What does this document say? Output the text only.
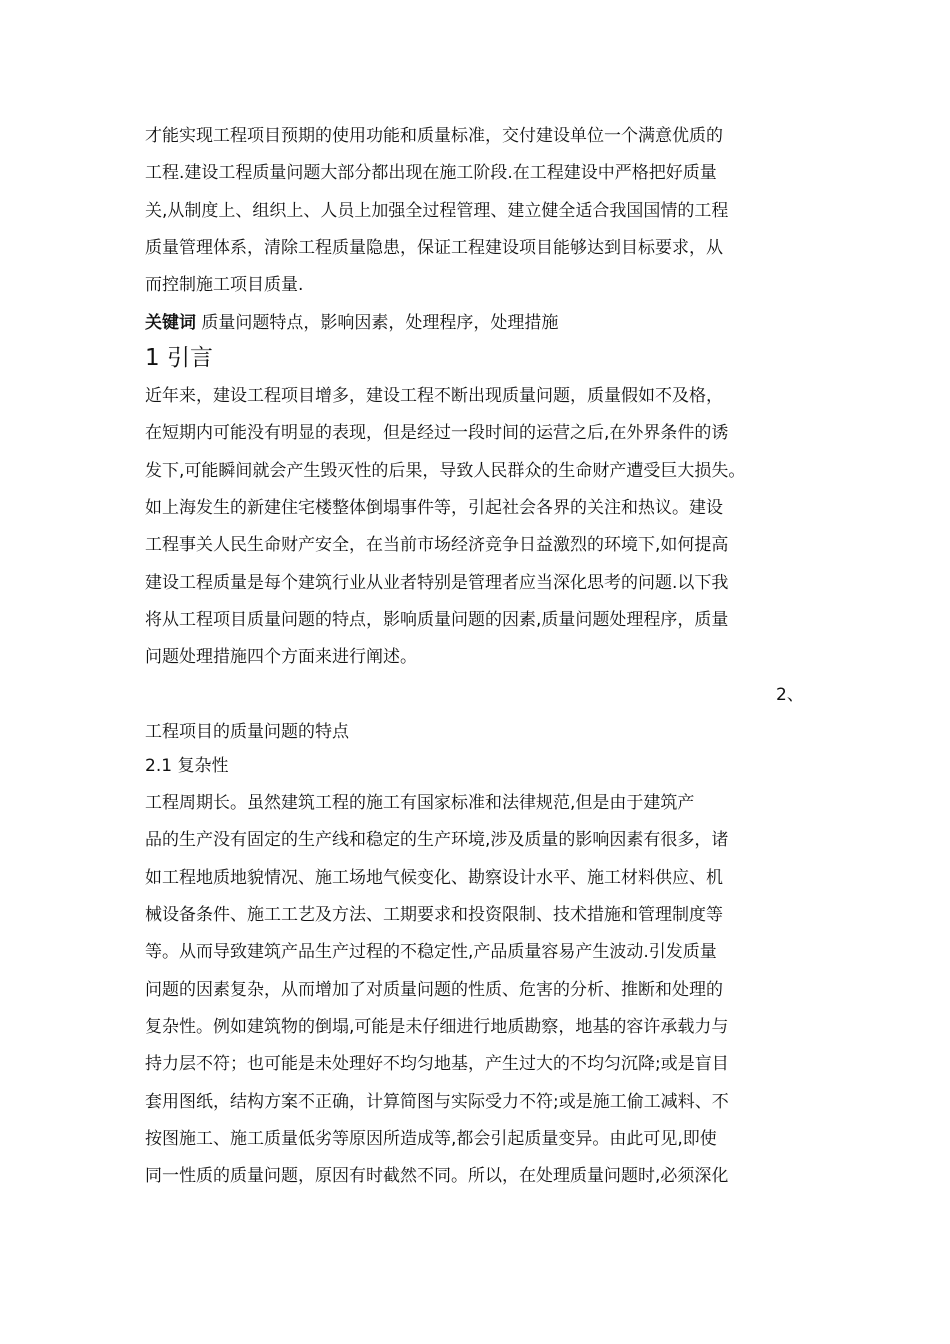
才能实现工程项目预期的使用功能和质量标准，交付建设单位一个满意优质的
工程.建设工程质量问题大部分都出现在施工阶段.在工程建设中严格把好质量
关,从制度上、组织上、人员上加强全过程管理、建立健全适合我国国情的工程
质量管理体系，清除工程质量隐患，保证工程建设项目能够达到目标要求，从
而控制施工项目质量.
关键词 质量问题特点，影响因素，处理程序，处理措施
1 引言
近年来，建设工程项目增多，建设工程不断出现质量问题，质量假如不及格，
在短期内可能没有明显的表现，但是经过一段时间的运营之后,在外界条件的诱
发下,可能瞬间就会产生毁灭性的后果，导致人民群众的生命财产遭受巨大损失。
如上海发生的新建住宅楼整体倒塌事件等，引起社会各界的关注和热议。建设
工程事关人民生命财产安全，在当前市场经济竞争日益激烈的环境下,如何提高
建设工程质量是每个建筑行业从业者特别是管理者应当深化思考的问题.以下我
将从工程项目质量问题的特点，影响质量问题的因素,质量问题处理程序，质量
问题处理措施四个方面来进行阐述。
2、
工程项目的质量问题的特点
2.1 复杂性
工程周期长。虽然建筑工程的施工有国家标准和法律规范,但是由于建筑产
品的生产没有固定的生产线和稳定的生产环境,涉及质量的影响因素有很多，诸
如工程地质地貌情况、施工场地气候变化、勘察设计水平、施工材料供应、机
械设备条件、施工工艺及方法、工期要求和投资限制、技术措施和管理制度等
等。从而导致建筑产品生产过程的不稳定性,产品质量容易产生波动.引发质量
问题的因素复杂，从而增加了对质量问题的性质、危害的分析、推断和处理的
复杂性。例如建筑物的倒塌,可能是未仔细进行地质勘察，地基的容许承载力与
持力层不符；也可能是未处理好不均匀地基，产生过大的不均匀沉降;或是盲目
套用图纸，结构方案不正确，计算简图与实际受力不符;或是施工偷工减料、不
按图施工、施工质量低劣等原因所造成等,都会引起质量变异。由此可见,即使
同一性质的质量问题，原因有时截然不同。所以，在处理质量问题时,必须深化
